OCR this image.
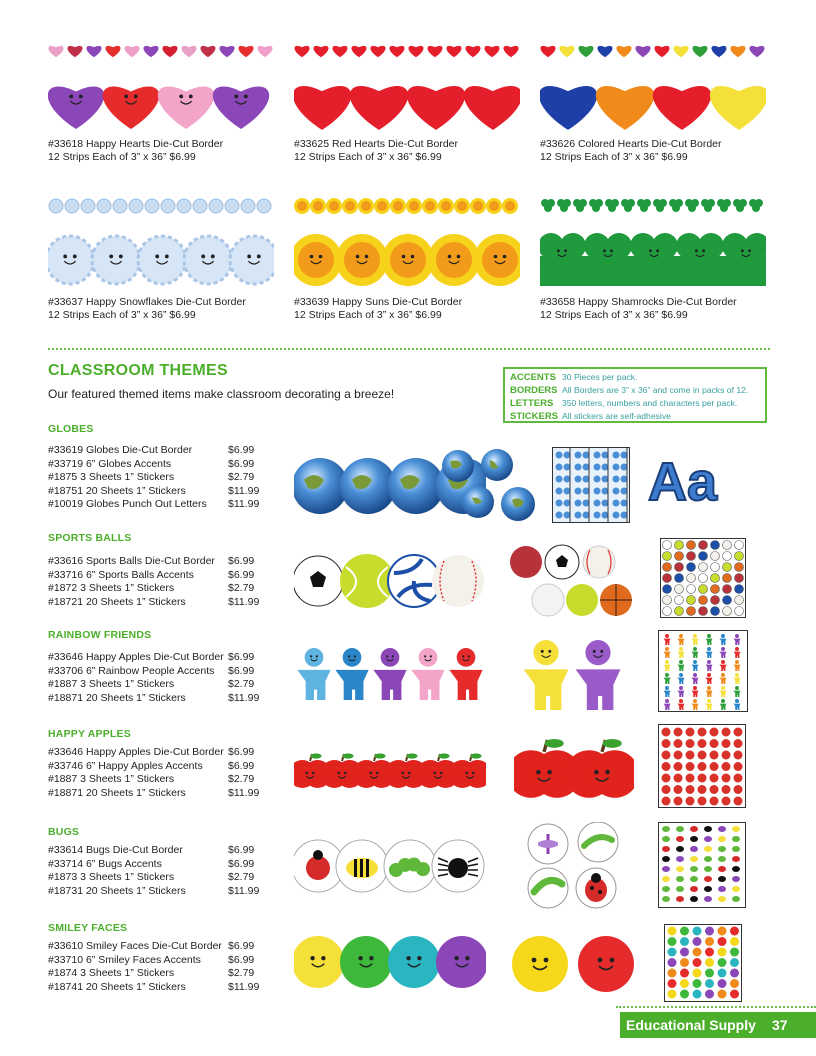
#33618 Happy Hearts Die-Cut Border
12 Strips Each of 3” x 36” $6.99
#33625 Red Hearts Die-Cut Border
12 Strips Each of 3” x 36” $6.99
#33626 Colored Hearts Die-Cut Border
12 Strips Each of 3” x 36” $6.99
#33637 Happy Snowflakes Die-Cut Border
12 Strips Each of 3” x 36” $6.99
#33639 Happy Suns Die-Cut Border
12 Strips Each of 3” x 36” $6.99
#33658 Happy Shamrocks Die-Cut Border
12 Strips Each of 3” x 36” $6.99
CLASSROOM THEMES
Our featured themed items make classroom decorating a breeze!
ACCENTS 30 Pieces per pack.
BORDERS All Borders are 3” x 36” and come in packs of 12.
LETTERS 350 letters, numbers and characters per pack.
STICKERS All stickers are self-adhesive
GLOBES
#33619 Globes Die-Cut Border	$6.99
#33719 6” Globes Accents	$6.99
#1875 3 Sheets 1” Stickers	$2.79
#18751 20 Sheets 1” Stickers	$11.99
#10019 Globes Punch Out Letters	$11.99	Aa
SPORTS BALLS
#33616 Sports Balls Die-Cut Border	$6.99
#33716 6” Sports Balls Accents	$6.99
#1872 3 Sheets 1” Stickers	$2.79
#18721 20 Sheets 1” Stickers	$11.99
RAINBOW FRIENDS
#33646 Happy Apples Die-Cut Border $6.99
#33706 6” Rainbow People Accents	$6.99
#1887 3 Sheets 1” Stickers	$2.79
#18871 20 Sheets 1” Stickers	$11.99
HAPPY APPLES
#33646 Happy Apples Die-Cut Border $6.99
#33746 6” Happy Apples Accents	$6.99
#1887 3 Sheets 1” Stickers	$2.79
#18871 20 Sheets 1” Stickers	$11.99
BUGS
#33614 Bugs Die-Cut Border	$6.99
#33714 6” Bugs Accents	$6.99
#1873 3 Sheets 1” Stickers	$2.79
#18731 20 Sheets 1” Stickers	$11.99
SMILEY FACES
#33610 Smiley Faces Die-Cut Border $6.99
#33710 6” Smiley Faces Accents	$6.99
#1874 3 Sheets 1” Stickers	$2.79
#18741 20 Sheets 1” Stickers	$11.99
Educational Supply 37
